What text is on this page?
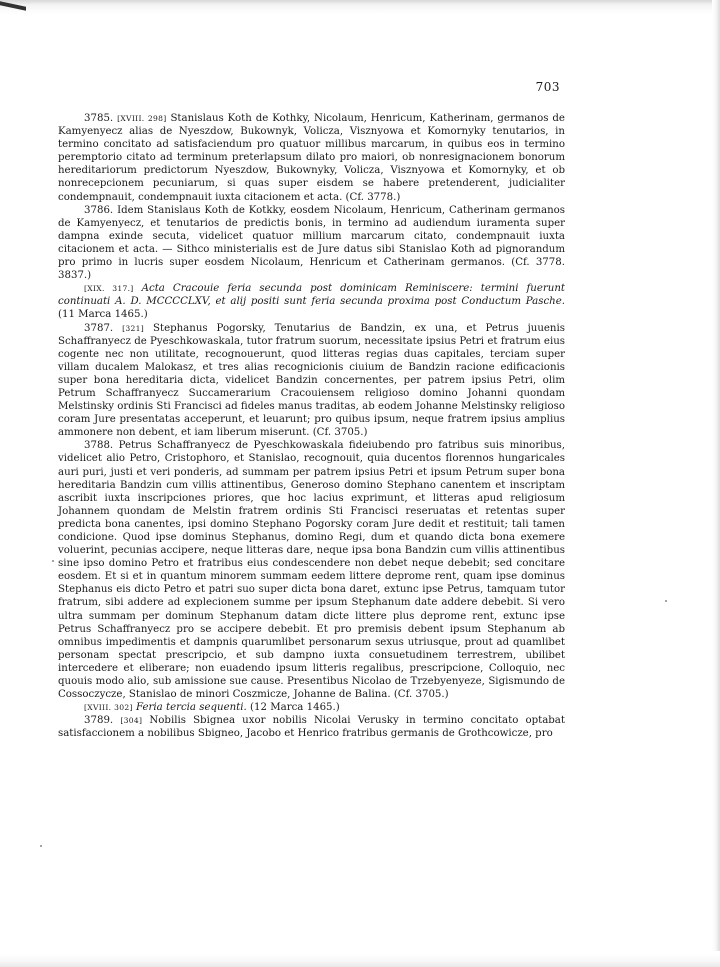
703

3785. [XVIII. 298] Stanislaus Koth de Kothky, Nicolaum, Henricum, Katherinam, germanos de Kamyenyecz alias de Nyeszdow, Bukownyk, Volicza, Visznyowa et Komornyky tenutarios, in termino concitato ad satisfaciendum pro quatuor millibus marcarum, in quibus eos in termino peremptorio citato ad terminum preterlapsum dilato pro maiori, ob nonresignacionem bonorum hereditariorum predictorum Nyeszdow, Bukownyky, Volicza, Visznyowa et Komornyky, et ob nonrecepcionem pecuniarum, si quas super eisdem se habere pretenderent, judicialiter condempnauit, condempnauit iuxta citacionem et acta. (Cf. 3778.)

3786. Idem Stanislaus Koth de Kotkky, eosdem Nicolaum, Henricum, Catherinam germanos de Kamyenyecz, et tenutarios de predictis bonis, in termino ad audiendum iuramenta super dampna exinde secuta, videlicet quatuor millium marcarum citato, condempnauit iuxta citacionem et acta. — Sithco ministerialis est de Jure datus sibi Stanislao Koth ad pignorandum pro primo in lucris super eosdem Nicolaum, Henricum et Catherinam germanos. (Cf. 3778. 3837.)

[XIX. 317.] Acta Cracouie feria secunda post dominicam Reminiscere: termini fuerunt continuati A. D. MCCCCLXV, et alij positi sunt feria secunda proxima post Conductum Pasche. (11 Marca 1465.)

3787. [321] Stephanus Pogorsky, Tenutarius de Bandzin, ex una, et Petrus juuenis Schaffranyecz de Pyeschkowaskala, tutor fratrum suorum, necessitate ipsius Petri et fratrum eius cogente nec non utilitate, recognouerunt, quod litteras regias duas capitales, terciam super villam ducalem Malokasz, et tres alias recognicionis ciuium de Bandzin racione edificacionis super bona hereditaria dicta, videlicet Bandzin concernentes, per patrem ipsius Petri, olim Petrum Schaffranyecz Succamerarium Cracouiensem religioso domino Johanni quondam Melstinsky ordinis Sti Francisci ad fideles manus traditas, ab eodem Johanne Melstinsky religioso coram Jure presentatas acceperunt, et leuarunt; pro quibus ipsum, neque fratrem ipsius amplius ammonere non debent, et iam liberum miserunt. (Cf. 3705.)

3788. Petrus Schaffranyecz de Pyeschkowaskala fideiubendo pro fatribus suis minoribus, videlicet alio Petro, Cristophoro, et Stanislao, recognouit, quia ducentos florennos hungaricales auri puri, justi et veri ponderis, ad summam per patrem ipsius Petri et ipsum Petrum super bona hereditaria Bandzin cum villis attinentibus, Generoso domino Stephano canentem et inscriptam ascribit iuxta inscripciones priores, que hoc lacius exprimunt, et litteras apud religiosum Johannem quondam de Melstin fratrem ordinis Sti Francisci reseruatas et retentas super predicta bona canentes, ipsi domino Stephano Pogorsky coram Jure dedit et restituit; tali tamen condicione. Quod ipse dominus Stephanus, domino Regi, dum et quando dicta bona exemere voluerint, pecunias accipere, neque litteras dare, neque ipsa bona Bandzin cum villis attinentibus sine ipso domino Petro et fratribus eius condescendere non debet neque debebit; sed concitare eosdem. Et si et in quantum minorem summam eedem littere deprome rent, quam ipse dominus Stephanus eis dicto Petro et patri suo super dicta bona daret, extunc ipse Petrus, tamquam tutor fratrum, sibi addere ad explecionem summe per ipsum Stephanum date addere debebit. Si vero ultra summam per dominum Stephanum datam dicte littere plus deprome rent, extunc ipse Petrus Schaffranyecz pro se accipere debebit. Et pro premisis debent ipsum Stephanum ab omnibus impedimentis et dampnis quarumlibet personarum sexus utriusque, prout ad quamlibet personam spectat prescripcio, et sub dampno iuxta consuetudinem terrestrem, ubilibet intercedere et eliberare; non euadendo ipsum litteris regalibus, prescripcione, Colloquio, nec quouis modo alio, sub amissione sue cause. Presentibus Nicolao de Trzebyenyeze, Sigismundo de Cossoczycze, Stanislao de minori Coszmicze, Johanne de Balina. (Cf. 3705.)

[XVIII. 302] Feria tercia sequenti. (12 Marca 1465.)

3789. [304] Nobilis Sbignea uxor nobilis Nicolai Verusky in termino concitato optabat satisfaccionem a nobilibus Sbigneo, Jacobo et Henrico fratribus germanis de Grothcowicze, pro
